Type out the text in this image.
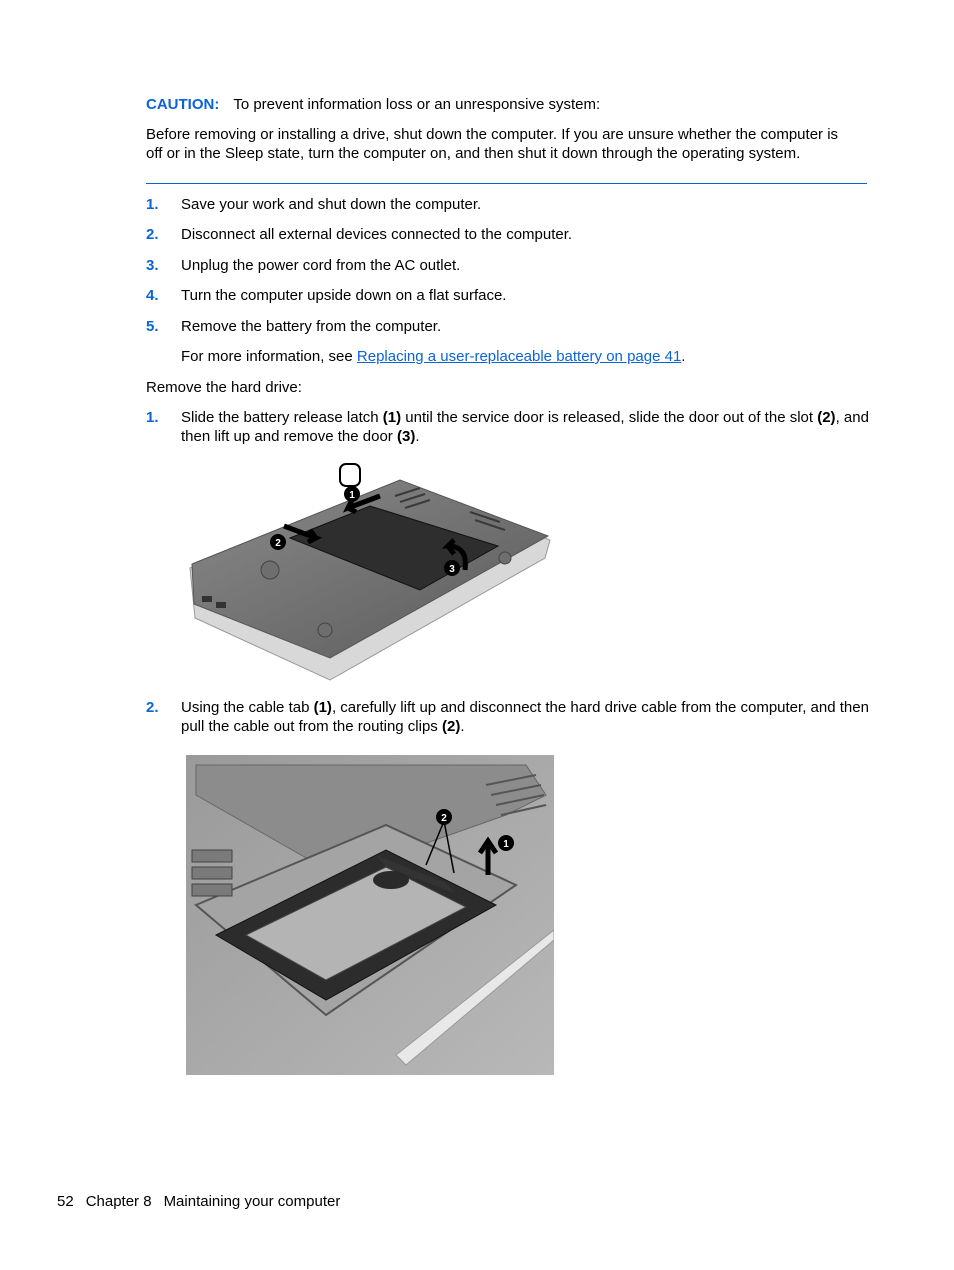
CAUTION: To prevent information loss or an unresponsive system:
Before removing or installing a drive, shut down the computer. If you are unsure whether the computer is off or in the Sleep state, turn the computer on, and then shut it down through the operating system.
1. Save your work and shut down the computer.
2. Disconnect all external devices connected to the computer.
3. Unplug the power cord from the AC outlet.
4. Turn the computer upside down on a flat surface.
5. Remove the battery from the computer.
For more information, see Replacing a user-replaceable battery on page 41.
Remove the hard drive:
1. Slide the battery release latch (1) until the service door is released, slide the door out of the slot (2), and then lift up and remove the door (3).
1
2
3
2. Using the cable tab (1), carefully lift up and disconnect the hard drive cable from the computer, and then pull the cable out from the routing clips (2).
2
1
52 Chapter 8 Maintaining your computer
